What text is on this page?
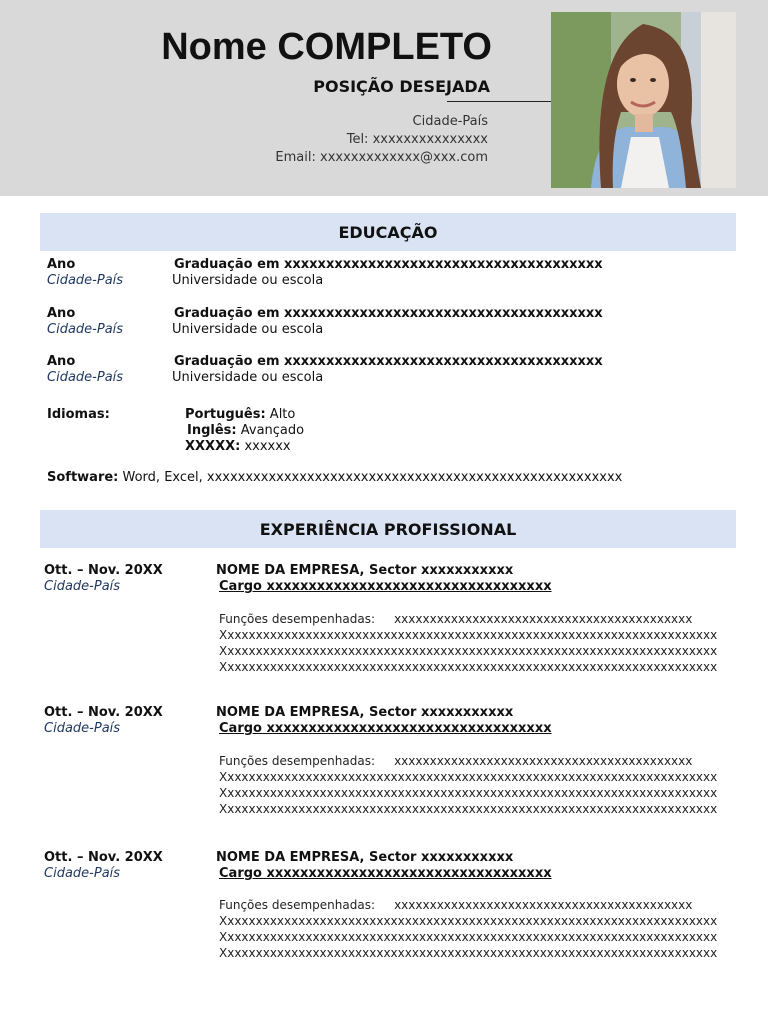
Nome COMPLETO
POSIÇÃO DESEJADA
Cidade-País
Tel: xxxxxxxxxxxxxxx
Email: xxxxxxxxxxxxx@xxx.com
EDUCAÇÃO
Ano
Cidade-País
Graduação em xxxxxxxxxxxxxxxxxxxxxxxxxxxxxxxxxxxxxx
Universidade ou escola
Ano
Cidade-País
Graduação em xxxxxxxxxxxxxxxxxxxxxxxxxxxxxxxxxxxxxx
Universidade ou escola
Ano
Cidade-País
Graduação em xxxxxxxxxxxxxxxxxxxxxxxxxxxxxxxxxxxxxx
Universidade ou escola
Idiomas:	Português: Alto
Inglês: Avançado
XXXXX: xxxxxx
Software: Word, Excel, xxxxxxxxxxxxxxxxxxxxxxxxxxxxxxxxxxxxxxxxxxxxxxxxxxxxxx
EXPERIÊNCIA PROFISSIONAL
Ott. – Nov. 20XX
Cidade-País
NOME DA EMPRESA, Sector xxxxxxxxxxx
Cargo xxxxxxxxxxxxxxxxxxxxxxxxxxxxxxxxxx
Funções desempenhadas: xxxxxxxxxxxxxxxxxxxxxxxxxxxxxxxxxxxxxxxxxx
Xxxxxxxxxxxxxxxxxxxxxxxxxxxxxxxxxxxxxxxxxxxxxxxxxxxxxxxxxxxxxxxxxxxxxx
Xxxxxxxxxxxxxxxxxxxxxxxxxxxxxxxxxxxxxxxxxxxxxxxxxxxxxxxxxxxxxxxxxxxxxx
Xxxxxxxxxxxxxxxxxxxxxxxxxxxxxxxxxxxxxxxxxxxxxxxxxxxxxxxxxxxxxxxxxxxxxx
Ott. – Nov. 20XX
Cidade-País
NOME DA EMPRESA, Sector xxxxxxxxxxx
Cargo xxxxxxxxxxxxxxxxxxxxxxxxxxxxxxxxxx
Funções desempenhadas: xxxxxxxxxxxxxxxxxxxxxxxxxxxxxxxxxxxxxxxxxx
Xxxxxxxxxxxxxxxxxxxxxxxxxxxxxxxxxxxxxxxxxxxxxxxxxxxxxxxxxxxxxxxxxxxxxx
Xxxxxxxxxxxxxxxxxxxxxxxxxxxxxxxxxxxxxxxxxxxxxxxxxxxxxxxxxxxxxxxxxxxxxx
Xxxxxxxxxxxxxxxxxxxxxxxxxxxxxxxxxxxxxxxxxxxxxxxxxxxxxxxxxxxxxxxxxxxxxx
Ott. – Nov. 20XX
Cidade-País
NOME DA EMPRESA, Sector xxxxxxxxxxx
Cargo xxxxxxxxxxxxxxxxxxxxxxxxxxxxxxxxxx
Funções desempenhadas: xxxxxxxxxxxxxxxxxxxxxxxxxxxxxxxxxxxxxxxxxx
Xxxxxxxxxxxxxxxxxxxxxxxxxxxxxxxxxxxxxxxxxxxxxxxxxxxxxxxxxxxxxxxxxxxxxx
Xxxxxxxxxxxxxxxxxxxxxxxxxxxxxxxxxxxxxxxxxxxxxxxxxxxxxxxxxxxxxxxxxxxxxx
Xxxxxxxxxxxxxxxxxxxxxxxxxxxxxxxxxxxxxxxxxxxxxxxxxxxxxxxxxxxxxxxxxxxxxx
